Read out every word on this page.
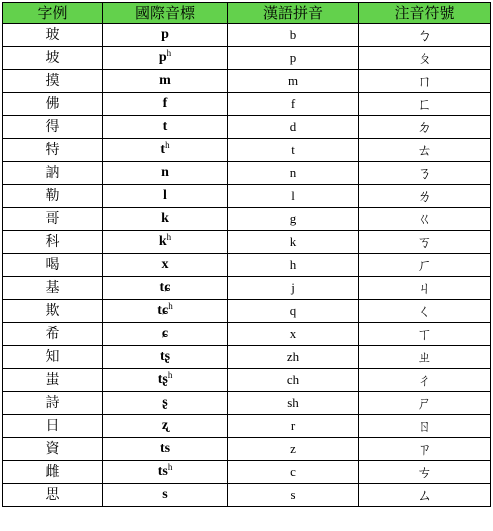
字例	國際音標	漢語拼音	注音符號
玻	p	b	ㄅ
坡	$p^h$	p	ㄆ
摸	m	m	ㄇ
佛	f	f	ㄈ
得	t	d	ㄉ
特	$t^h$	t	ㄊ
訥	n	n	ㄋ
勒	l	l	ㄌ
哥	k	g	ㄍ
科	$k^h$	k	ㄎ
喝	x	h	ㄏ
基	tɕ	j	ㄐ
欺	tɕ$^h$	q	ㄑ
希	ɕ	x	ㄒ
知	tʂ	zh	ㄓ
蚩	tʂ$^h$	ch	ㄔ
詩	ʂ	sh	ㄕ
日	ʐ	r	ㄖ
資	ts	z	ㄗ
雌	$ts^h$	c	ㄘ
思	s	s	ㄙ
